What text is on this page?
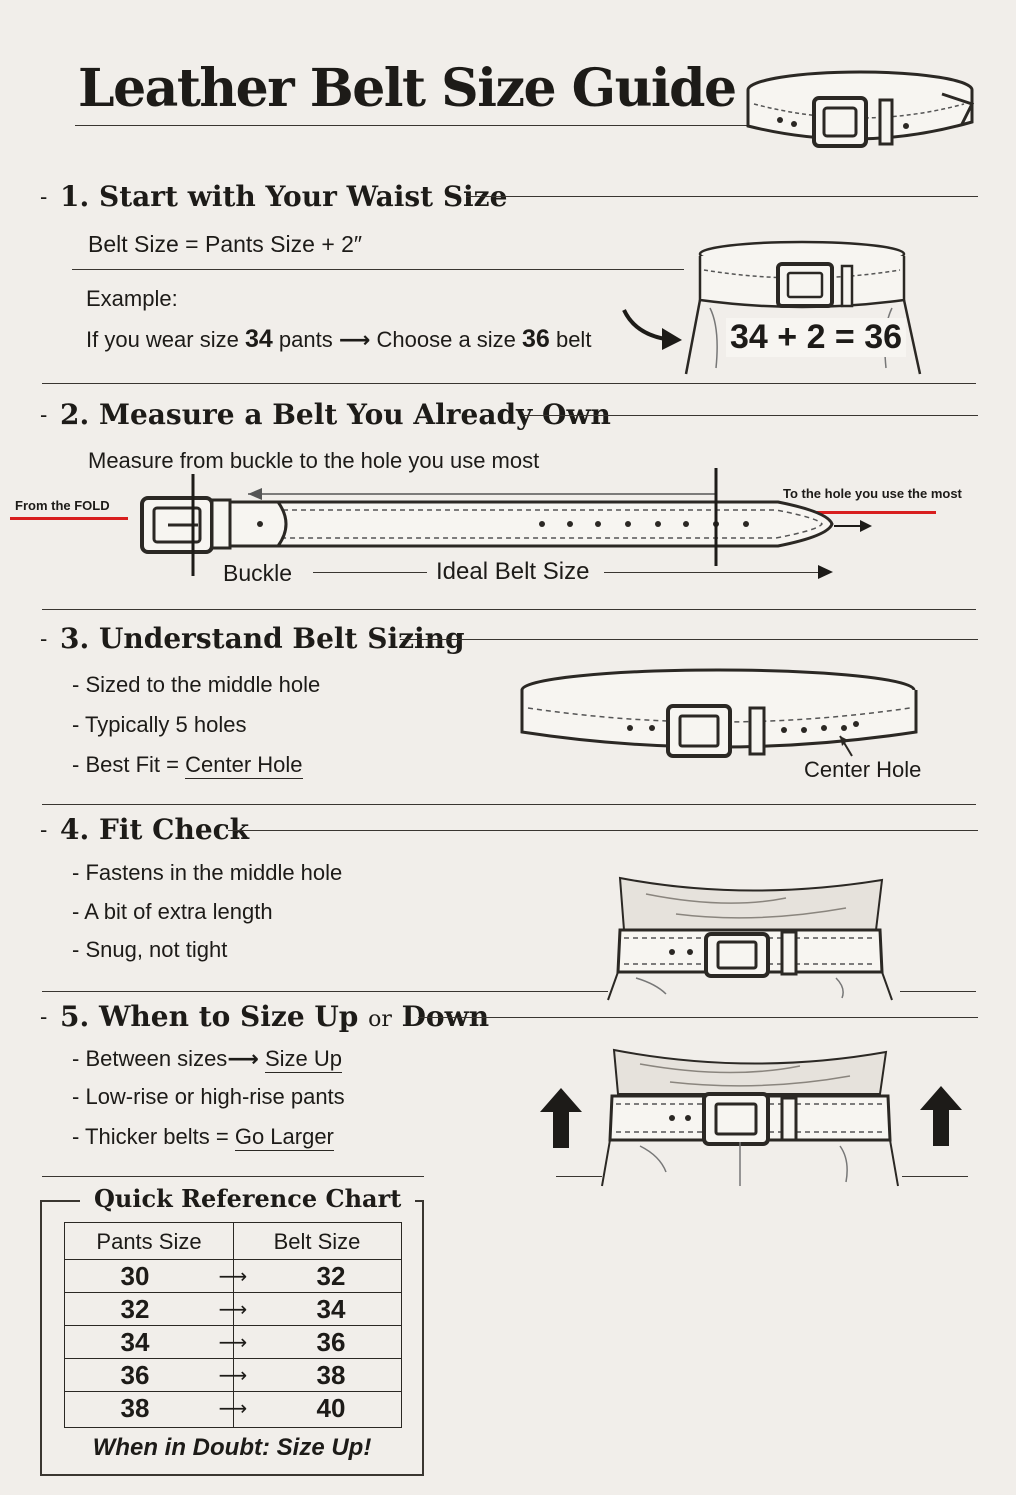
Leather Belt Size Guide
- 1. Start with Your Waist Size
Belt Size = Pants Size + 2″
Example:
If you wear size 34 pants ⟶ Choose a size 36 belt	34 + 2 = 36
- 2. Measure a Belt You Already Own
Measure from buckle to the hole you use most
From the FOLD
To the hole you use the most
Buckle	Ideal Belt Size
- 3. Understand Belt Sizing
- Sized to the middle hole
- Typically 5 holes
- Best Fit = Center Hole	Center Hole
- 4. Fit Check
- Fastens in the middle hole
- A bit of extra length
- Snug, not tight
- 5. When to Size Up or Down
- Between sizes⟶ Size Up
- Low-rise or high-rise pants
- Thicker belts = Go Larger
Quick Reference Chart
Pants Size	Belt Size
30	⟶	32
32	⟶	34
34	⟶	36
36	⟶	38
38	⟶	40
When in Doubt: Size Up!
